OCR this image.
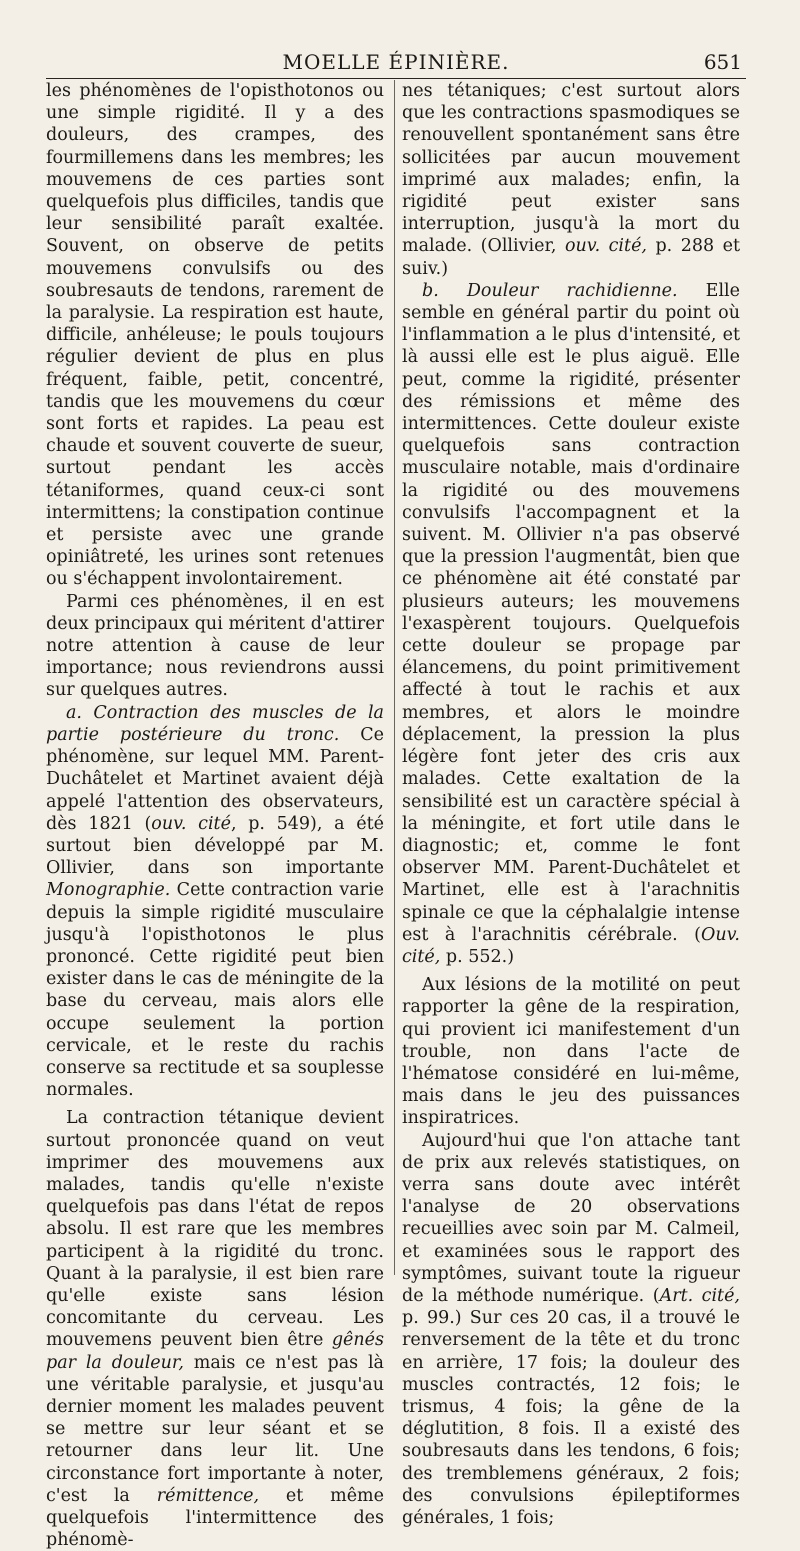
MOELLE ÉPINIÈRE.	651

les phénomènes de l'opisthotonos ou une simple rigidité. Il y a des douleurs, des crampes, des fourmillemens dans les membres; les mouvemens de ces parties sont quelquefois plus difficiles, tandis que leur sensibilité paraît exaltée. Souvent, on observe de petits mouvemens convulsifs ou des soubresauts de tendons, rarement de la paralysie. La respiration est haute, difficile, anhéleuse; le pouls toujours régulier devient de plus en plus fréquent, faible, petit, concentré, tandis que les mouvemens du cœur sont forts et rapides. La peau est chaude et souvent couverte de sueur, surtout pendant les accès tétaniformes, quand ceux-ci sont intermittens; la constipation continue et persiste avec une grande opiniâtreté, les urines sont retenues ou s'échappent involontairement.

Parmi ces phénomènes, il en est deux principaux qui méritent d'attirer notre attention à cause de leur importance; nous reviendrons aussi sur quelques autres.

a. Contraction des muscles de la partie postérieure du tronc. Ce phénomène, sur lequel MM. Parent-Duchâtelet et Martinet avaient déjà appelé l'attention des observateurs, dès 1821 (ouv. cité, p. 549), a été surtout bien développé par M. Ollivier, dans son importante Monographie. Cette contraction varie depuis la simple rigidité musculaire jusqu'à l'opisthotonos le plus prononcé. Cette rigidité peut bien exister dans le cas de méningite de la base du cerveau, mais alors elle occupe seulement la portion cervicale, et le reste du rachis conserve sa rectitude et sa souplesse normales.

La contraction tétanique devient surtout prononcée quand on veut imprimer des mouvemens aux malades, tandis qu'elle n'existe quelquefois pas dans l'état de repos absolu. Il est rare que les membres participent à la rigidité du tronc. Quant à la paralysie, il est bien rare qu'elle existe sans lésion concomitante du cerveau. Les mouvemens peuvent bien être gênés par la douleur, mais ce n'est pas là une véritable paralysie, et jusqu'au dernier moment les malades peuvent se mettre sur leur séant et se retourner dans leur lit. Une circonstance fort importante à noter, c'est la rémittence, et même quelquefois l'intermittence des phénomè-

nes tétaniques; c'est surtout alors que les contractions spasmodiques se renouvellent spontanément sans être sollicitées par aucun mouvement imprimé aux malades; enfin, la rigidité peut exister sans interruption, jusqu'à la mort du malade. (Ollivier, ouv. cité, p. 288 et suiv.)

b. Douleur rachidienne. Elle semble en général partir du point où l'inflammation a le plus d'intensité, et là aussi elle est le plus aiguë. Elle peut, comme la rigidité, présenter des rémissions et même des intermittences. Cette douleur existe quelquefois sans contraction musculaire notable, mais d'ordinaire la rigidité ou des mouvemens convulsifs l'accompagnent et la suivent. M. Ollivier n'a pas observé que la pression l'augmentât, bien que ce phénomène ait été constaté par plusieurs auteurs; les mouvemens l'exaspèrent toujours. Quelquefois cette douleur se propage par élancemens, du point primitivement affecté à tout le rachis et aux membres, et alors le moindre déplacement, la pression la plus légère font jeter des cris aux malades. Cette exaltation de la sensibilité est un caractère spécial à la méningite, et fort utile dans le diagnostic; et, comme le font observer MM. Parent-Duchâtelet et Martinet, elle est à l'arachnitis spinale ce que la céphalalgie intense est à l'arachnitis cérébrale. (Ouv. cité, p. 552.)

Aux lésions de la motilité on peut rapporter la gêne de la respiration, qui provient ici manifestement d'un trouble, non dans l'acte de l'hématose considéré en lui-même, mais dans le jeu des puissances inspiratrices.

Aujourd'hui que l'on attache tant de prix aux relevés statistiques, on verra sans doute avec intérêt l'analyse de 20 observations recueillies avec soin par M. Calmeil, et examinées sous le rapport des symptômes, suivant toute la rigueur de la méthode numérique. (Art. cité, p. 99.) Sur ces 20 cas, il a trouvé le renversement de la tête et du tronc en arrière, 17 fois; la douleur des muscles contractés, 12 fois; le trismus, 4 fois; la gêne de la déglutition, 8 fois. Il a existé des soubresauts dans les tendons, 6 fois; des tremblemens généraux, 2 fois; des convulsions épileptiformes générales, 1 fois;
